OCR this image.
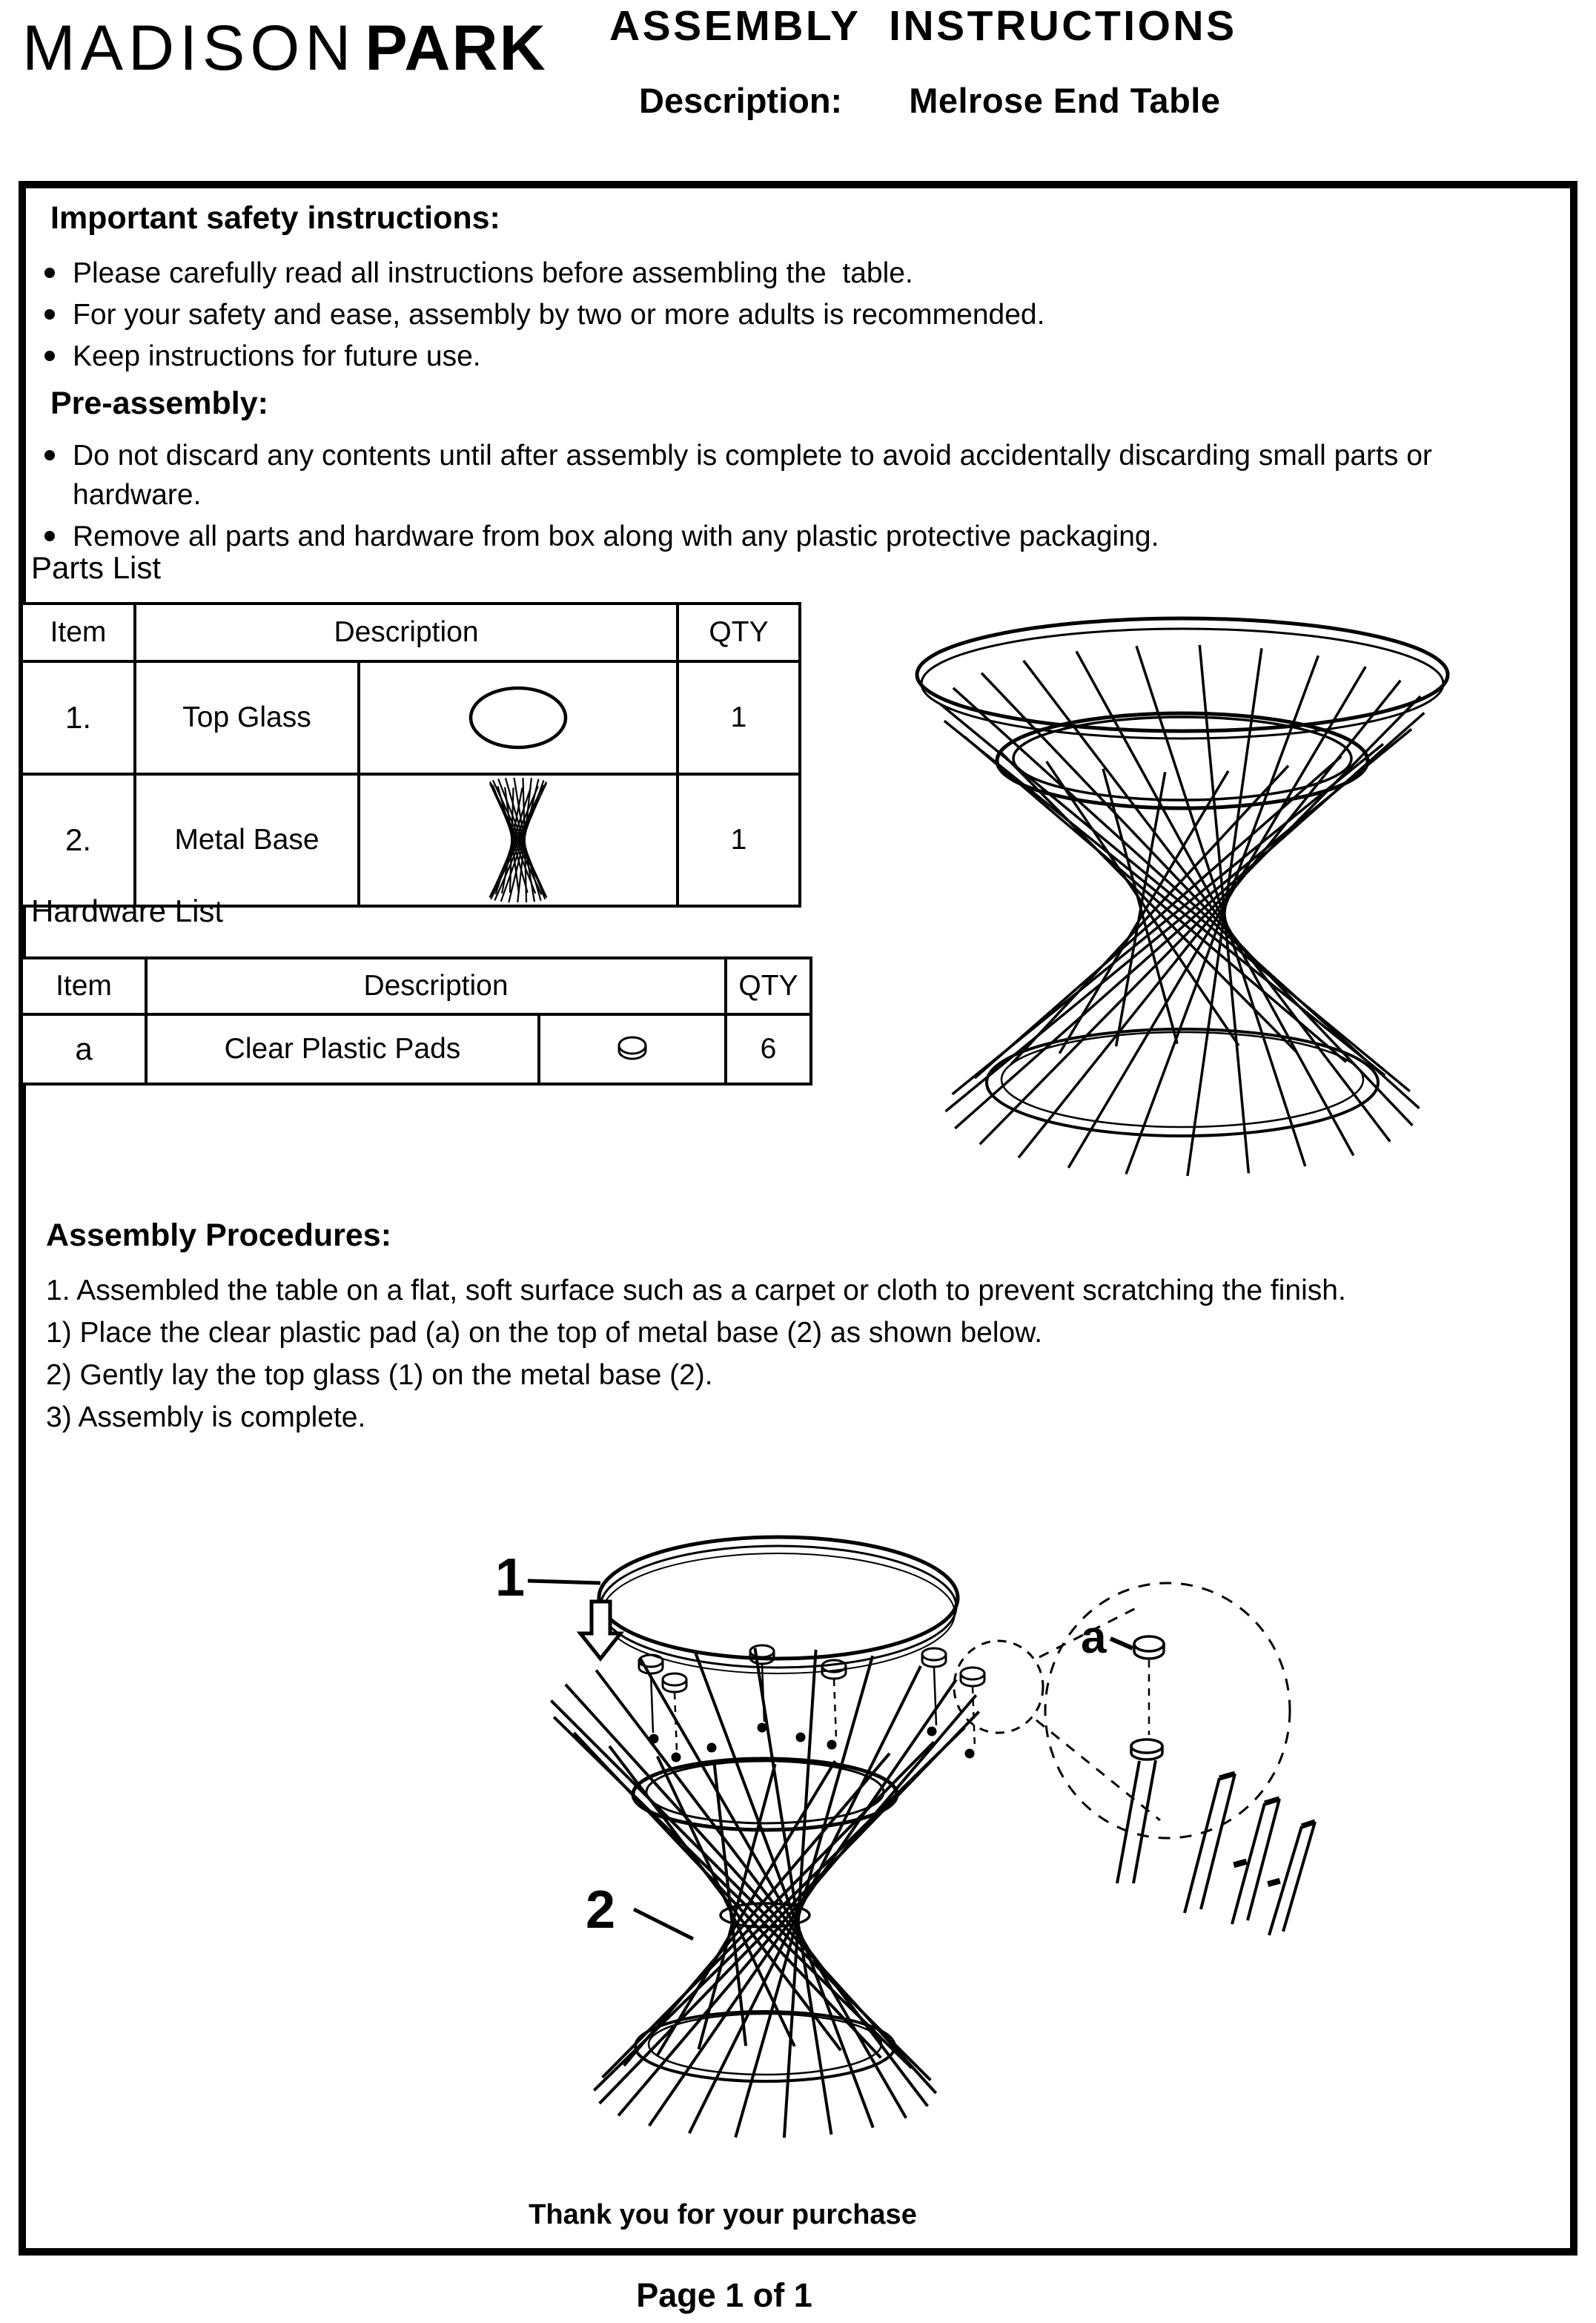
MADISON PARK ASSEMBLY  INSTRUCTIONS
Description: Melrose End Table
Important safety instructions:
Please carefully read all instructions before assembling the  table.
For your safety and ease, assembly by two or more adults is recommended.
Keep instructions for future use.
Pre-assembly:
Do not discard any contents until after assembly is complete to avoid accidentally discarding small parts or hardware.
Remove all parts and hardware from box along with any plastic protective packaging.
Parts List
Item	Description		QTY
1.	Top Glass		1
2.	Metal Base		1
Hardware List
Item	Description		QTY
a	Clear Plastic Pads		6
Assembly Procedures:

1. Assembled the table on a flat, soft surface such as a carpet or cloth to prevent scratching the finish.

1) Place the clear plastic pad (a) on the top of metal base (2) as shown below.

2) Gently lay the top glass (1) on the metal base (2).

3) Assembly is complete.

1
2
a
Thank you for your purchase
Page 1 of 1
